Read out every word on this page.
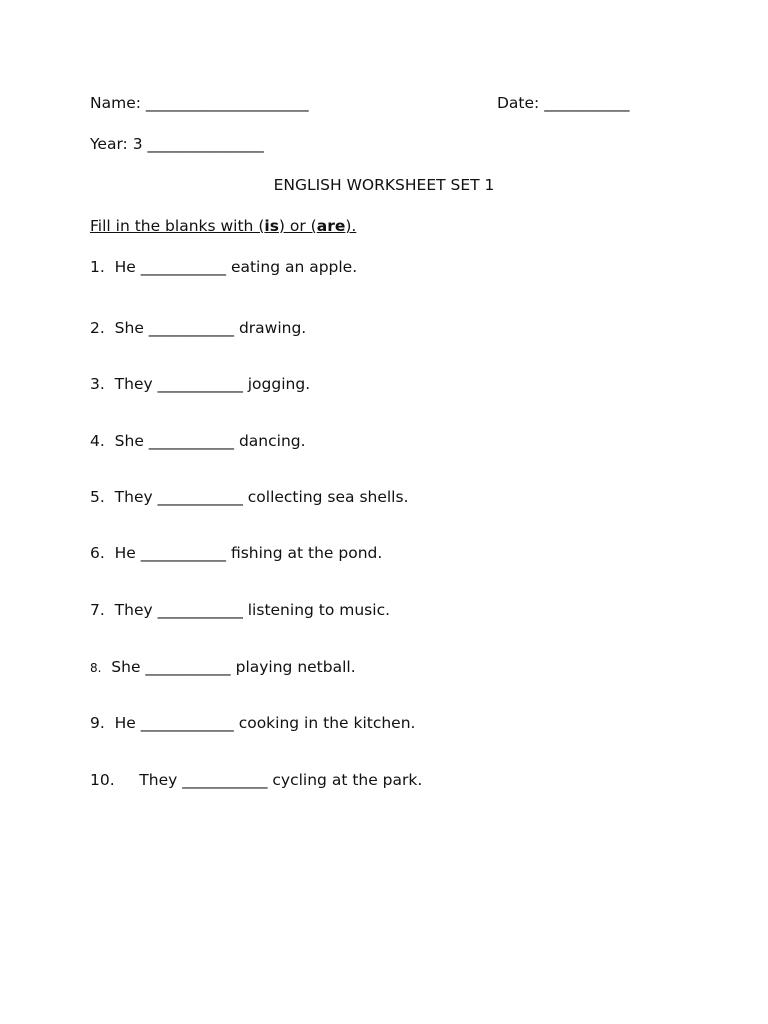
Name: _____________________	Date: ___________
Year: 3 _______________
ENGLISH WORKSHEET SET 1
Fill in the blanks with (is) or (are).
1.  He ___________ eating an apple.
2.  She ___________ drawing.
3.  They ___________ jogging.
4.  She ___________ dancing.
5.  They ___________ collecting sea shells.
6.  He ___________ fishing at the pond.
7.  They ___________ listening to music.
8.  She ___________ playing netball.
9.  He ____________ cooking in the kitchen.
10.     They ___________ cycling at the park.
